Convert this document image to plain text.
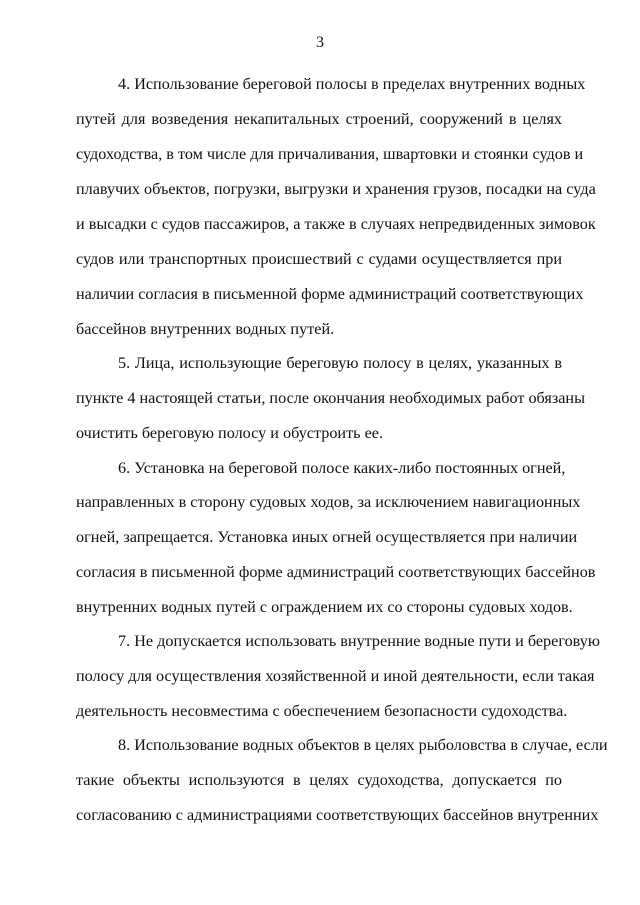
3
4. Использование береговой полосы в пределах внутренних водных
путей для возведения некапитальных строений, сооружений в целях
судоходства, в том числе для причаливания, швартовки и стоянки судов и
плавучих объектов, погрузки, выгрузки и хранения грузов, посадки на суда
и высадки с судов пассажиров, а также в случаях непредвиденных зимовок
судов или транспортных происшествий с судами осуществляется при
наличии согласия в письменной форме администраций соответствующих
бассейнов внутренних водных путей.
5. Лица, использующие береговую полосу в целях, указанных в
пункте 4 настоящей статьи, после окончания необходимых работ обязаны
очистить береговую полосу и обустроить ее.
6. Установка на береговой полосе каких-либо постоянных огней,
направленных в сторону судовых ходов, за исключением навигационных
огней, запрещается. Установка иных огней осуществляется при наличии
согласия в письменной форме администраций соответствующих бассейнов
внутренних водных путей с ограждением их со стороны судовых ходов.
7. Не допускается использовать внутренние водные пути и береговую
полосу для осуществления хозяйственной и иной деятельности, если такая
деятельность несовместима с обеспечением безопасности судоходства.
8. Использование водных объектов в целях рыболовства в случае, если
такие объекты используются в целях судоходства, допускается по
согласованию с администрациями соответствующих бассейнов внутренних
